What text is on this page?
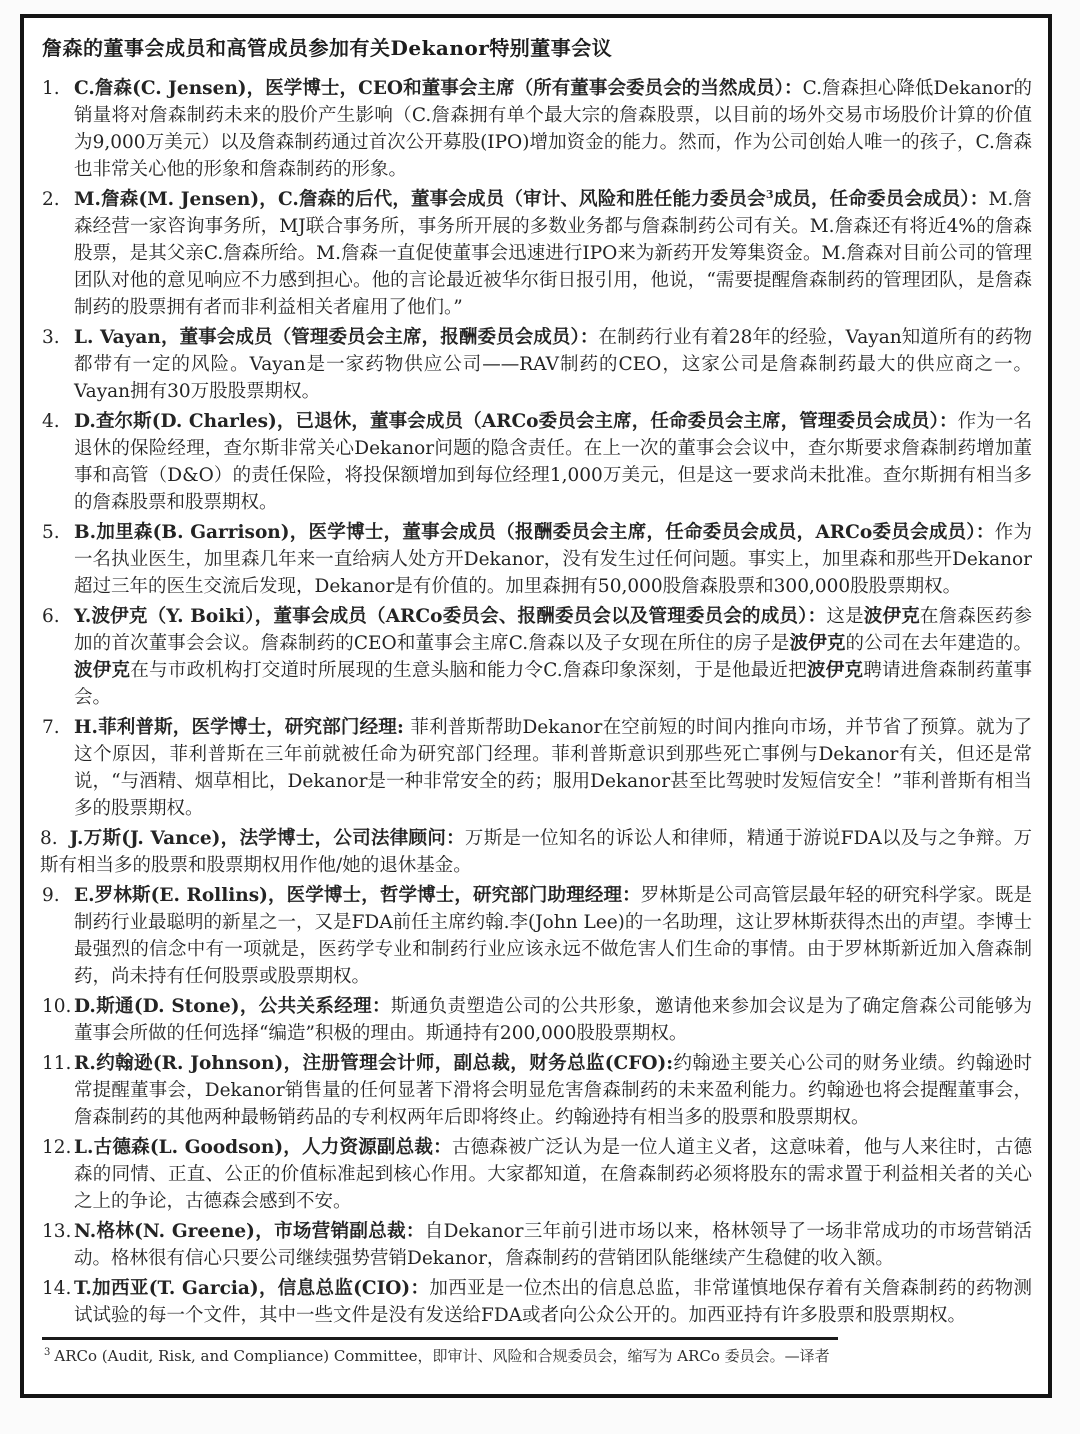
詹森的董事会成员和高管成员参加有关Dekanor特别董事会议
1. C.詹森(C. Jensen)，医学博士，CEO和董事会主席（所有董事会委员会的当然成员）：C.詹森担心降低Dekanor的销量将对詹森制药未来的股价产生影响（C.詹森拥有单个最大宗的詹森股票，以目前的场外交易市场股价计算的价值为9,000万美元）以及詹森制药通过首次公开募股(IPO)增加资金的能力。然而，作为公司创始人唯一的孩子，C.詹森也非常关心他的形象和詹森制药的形象。
2. M.詹森(M. Jensen)，C.詹森的后代，董事会成员（审计、风险和胜任能力委员会$^3$成员，任命委员会成员）：M.詹森经营一家咨询事务所，MJ联合事务所，事务所开展的多数业务都与詹森制药公司有关。M.詹森还有将近4%的詹森股票，是其父亲C.詹森所给。M.詹森一直促使董事会迅速进行IPO来为新药开发筹集资金。M.詹森对目前公司的管理团队对他的意见响应不力感到担心。他的言论最近被华尔街日报引用，他说，“需要提醒詹森制药的管理团队，是詹森制药的股票拥有者而非利益相关者雇用了他们。”
3. L. Vayan，董事会成员（管理委员会主席，报酬委员会成员）：在制药行业有着28年的经验，Vayan知道所有的药物都带有一定的风险。Vayan是一家药物供应公司——RAV制药的CEO，这家公司是詹森制药最大的供应商之一。Vayan拥有30万股股票期权。
4. D.查尔斯(D. Charles)，已退休，董事会成员（ARCo委员会主席，任命委员会主席，管理委员会成员）：作为一名退休的保险经理，查尔斯非常关心Dekanor问题的隐含责任。在上一次的董事会会议中，查尔斯要求詹森制药增加董事和高管（D&O）的责任保险，将投保额增加到每位经理1,000万美元，但是这一要求尚未批准。查尔斯拥有相当多的詹森股票和股票期权。
5. B.加里森(B. Garrison)，医学博士，董事会成员（报酬委员会主席，任命委员会成员，ARCo委员会成员）：作为一名执业医生，加里森几年来一直给病人处方开Dekanor，没有发生过任何问题。事实上，加里森和那些开Dekanor超过三年的医生交流后发现，Dekanor是有价值的。加里森拥有50,000股詹森股票和300,000股股票期权。
6. Y.波伊克（Y. Boiki），董事会成员（ARCo委员会、报酬委员会以及管理委员会的成员）：这是波伊克在詹森医药参加的首次董事会会议。詹森制药的CEO和董事会主席C.詹森以及子女现在所住的房子是波伊克的公司在去年建造的。波伊克在与市政机构打交道时所展现的生意头脑和能力令C.詹森印象深刻，于是他最近把波伊克聘请进詹森制药董事会。
7. H.菲利普斯，医学博士，研究部门经理: 菲利普斯帮助Dekanor在空前短的时间内推向市场，并节省了预算。就为了这个原因，菲利普斯在三年前就被任命为研究部门经理。菲利普斯意识到那些死亡事例与Dekanor有关，但还是常说，“与酒精、烟草相比，Dekanor是一种非常安全的药；服用Dekanor甚至比驾驶时发短信安全！”菲利普斯有相当多的股票期权。
8. J.万斯(J. Vance)，法学博士，公司法律顾问：万斯是一位知名的诉讼人和律师，精通于游说FDA以及与之争辩。万斯有相当多的股票和股票期权用作他/她的退休基金。
9. E.罗林斯(E. Rollins)，医学博士，哲学博士，研究部门助理经理：罗林斯是公司高管层最年轻的研究科学家。既是制药行业最聪明的新星之一，又是FDA前任主席约翰.李(John Lee)的一名助理，这让罗林斯获得杰出的声望。李博士最强烈的信念中有一项就是，医药学专业和制药行业应该永远不做危害人们生命的事情。由于罗林斯新近加入詹森制药，尚未持有任何股票或股票期权。
10. D.斯通(D. Stone)，公共关系经理：斯通负责塑造公司的公共形象，邀请他来参加会议是为了确定詹森公司能够为董事会所做的任何选择“编造”积极的理由。斯通持有200,000股股票期权。
11. R.约翰逊(R. Johnson)，注册管理会计师，副总裁，财务总监(CFO):约翰逊主要关心公司的财务业绩。约翰逊时常提醒董事会，Dekanor销售量的任何显著下滑将会明显危害詹森制药的未来盈利能力。约翰逊也将会提醒董事会，詹森制药的其他两种最畅销药品的专利权两年后即将终止。约翰逊持有相当多的股票和股票期权。
12. L.古德森(L. Goodson)，人力资源副总裁：古德森被广泛认为是一位人道主义者，这意味着，他与人来往时，古德森的同情、正直、公正的价值标准起到核心作用。大家都知道，在詹森制药必须将股东的需求置于利益相关者的关心之上的争论，古德森会感到不安。
13. N.格林(N. Greene)，市场营销副总裁：自Dekanor三年前引进市场以来，格林领导了一场非常成功的市场营销活动。格林很有信心只要公司继续强势营销Dekanor，詹森制药的营销团队能继续产生稳健的收入额。
14. T.加西亚(T. Garcia)，信息总监(CIO)：加西亚是一位杰出的信息总监，非常谨慎地保存着有关詹森制药的药物测试试验的每一个文件，其中一些文件是没有发送给FDA或者向公众公开的。加西亚持有许多股票和股票期权。

$^3$ ARCo (Audit, Risk, and Compliance) Committee，即审计、风险和合规委员会，缩写为 ARCo 委员会。—译者
